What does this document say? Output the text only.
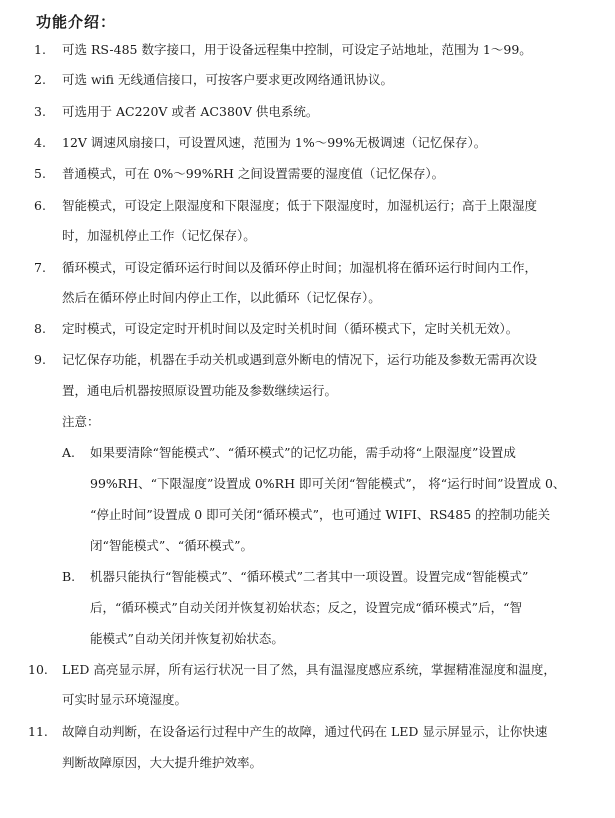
功能介绍：
1. 可选 RS-485 数字接口，用于设备远程集中控制，可设定子站地址，范围为 1～99。
2. 可选 wifi 无线通信接口，可按客户要求更改网络通讯协议。
3. 可选用于 AC220V 或者 AC380V 供电系统。
4. 12V 调速风扇接口，可设置风速，范围为 1%～99%无极调速（记忆保存）。
5. 普通模式，可在 0%～99%RH 之间设置需要的湿度值（记忆保存）。
6. 智能模式，可设定上限湿度和下限湿度；低于下限湿度时，加湿机运行；高于上限湿度
时，加湿机停止工作（记忆保存）。
7. 循环模式，可设定循环运行时间以及循环停止时间；加湿机将在循环运行时间内工作，
然后在循环停止时间内停止工作，以此循环（记忆保存）。
8. 定时模式，可设定定时开机时间以及定时关机时间（循环模式下，定时关机无效）。
9. 记忆保存功能，机器在手动关机或遇到意外断电的情况下，运行功能及参数无需再次设
置，通电后机器按照原设置功能及参数继续运行。
注意：
A. 如果要清除“智能模式”、“循环模式”的记忆功能，需手动将“上限湿度”设置成
99%RH、“下限湿度”设置成 0%RH 即可关闭“智能模式”， 将“运行时间”设置成 0、
“停止时间”设置成 0 即可关闭“循环模式”，也可通过 WIFI、RS485 的控制功能关
闭“智能模式”、“循环模式”。
B. 机器只能执行“智能模式”、“循环模式”二者其中一项设置。设置完成“智能模式”
后，“循环模式”自动关闭并恢复初始状态；反之，设置完成“循环模式”后，“智
能模式”自动关闭并恢复初始状态。
10. LED 高亮显示屏，所有运行状况一目了然，具有温湿度感应系统，掌握精准湿度和温度，
可实时显示环境湿度。
11. 故障自动判断，在设备运行过程中产生的故障，通过代码在 LED 显示屏显示，让你快速
判断故障原因，大大提升维护效率。
